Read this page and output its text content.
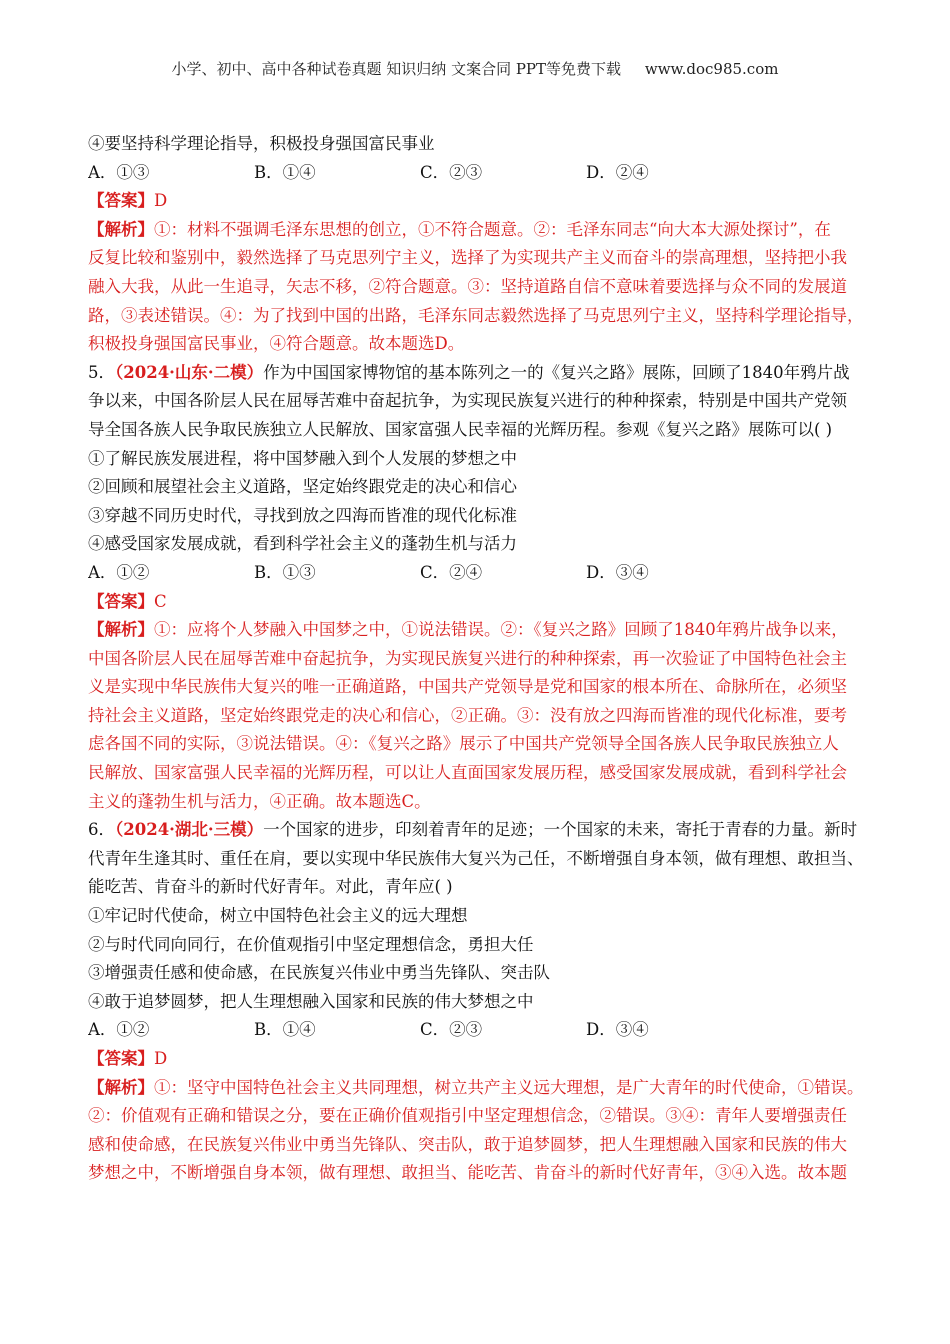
小学、初中、高中各种试卷真题 知识归纳 文案合同 PPT等免费下载     www.doc985.com
④要坚持科学理论指导，积极投身强国富民事业
A．①③	B．①④	C．②③	D．②④
【答案】D
【解析】①：材料不强调毛泽东思想的创立，①不符合题意。②：毛泽东同志“向大本大源处探讨”，在
反复比较和鉴别中，毅然选择了马克思列宁主义，选择了为实现共产主义而奋斗的崇高理想，坚持把小我
融入大我，从此一生追寻，矢志不移，②符合题意。③：坚持道路自信不意味着要选择与众不同的发展道
路，③表述错误。④：为了找到中国的出路，毛泽东同志毅然选择了马克思列宁主义，坚持科学理论指导，
积极投身强国富民事业，④符合题意。故本题选D。
5．（2024·山东·二模）作为中国国家博物馆的基本陈列之一的《复兴之路》展陈，回顾了1840年鸦片战
争以来，中国各阶层人民在屈辱苦难中奋起抗争，为实现民族复兴进行的种种探索，特别是中国共产党领
导全国各族人民争取民族独立人民解放、国家富强人民幸福的光辉历程。参观《复兴之路》展陈可以( )
①了解民族发展进程，将中国梦融入到个人发展的梦想之中
②回顾和展望社会主义道路，坚定始终跟党走的决心和信心
③穿越不同历史时代，寻找到放之四海而皆准的现代化标准
④感受国家发展成就，看到科学社会主义的蓬勃生机与活力
A．①②	B．①③	C．②④	D．③④
【答案】C
【解析】①：应将个人梦融入中国梦之中，①说法错误。②：《复兴之路》回顾了1840年鸦片战争以来，
中国各阶层人民在屈辱苦难中奋起抗争，为实现民族复兴进行的种种探索，再一次验证了中国特色社会主
义是实现中华民族伟大复兴的唯一正确道路，中国共产党领导是党和国家的根本所在、命脉所在，必须坚
持社会主义道路，坚定始终跟党走的决心和信心，②正确。③：没有放之四海而皆准的现代化标准，要考
虑各国不同的实际，③说法错误。④：《复兴之路》展示了中国共产党领导全国各族人民争取民族独立人
民解放、国家富强人民幸福的光辉历程，可以让人直面国家发展历程，感受国家发展成就，看到科学社会
主义的蓬勃生机与活力，④正确。故本题选C。
6．（2024·湖北·三模）一个国家的进步，印刻着青年的足迹；一个国家的未来，寄托于青春的力量。新时
代青年生逢其时、重任在肩，要以实现中华民族伟大复兴为己任，不断增强自身本领，做有理想、敢担当、
能吃苦、肯奋斗的新时代好青年。对此，青年应( )
①牢记时代使命，树立中国特色社会主义的远大理想
②与时代同向同行，在价值观指引中坚定理想信念，勇担大任
③增强责任感和使命感，在民族复兴伟业中勇当先锋队、突击队
④敢于追梦圆梦，把人生理想融入国家和民族的伟大梦想之中
A．①②	B．①④	C．②③	D．③④
【答案】D
【解析】①：坚守中国特色社会主义共同理想，树立共产主义远大理想，是广大青年的时代使命，①错误。
②：价值观有正确和错误之分，要在正确价值观指引中坚定理想信念，②错误。③④：青年人要增强责任
感和使命感，在民族复兴伟业中勇当先锋队、突击队，敢于追梦圆梦，把人生理想融入国家和民族的伟大
梦想之中，不断增强自身本领，做有理想、敢担当、能吃苦、肯奋斗的新时代好青年，③④入选。故本题
